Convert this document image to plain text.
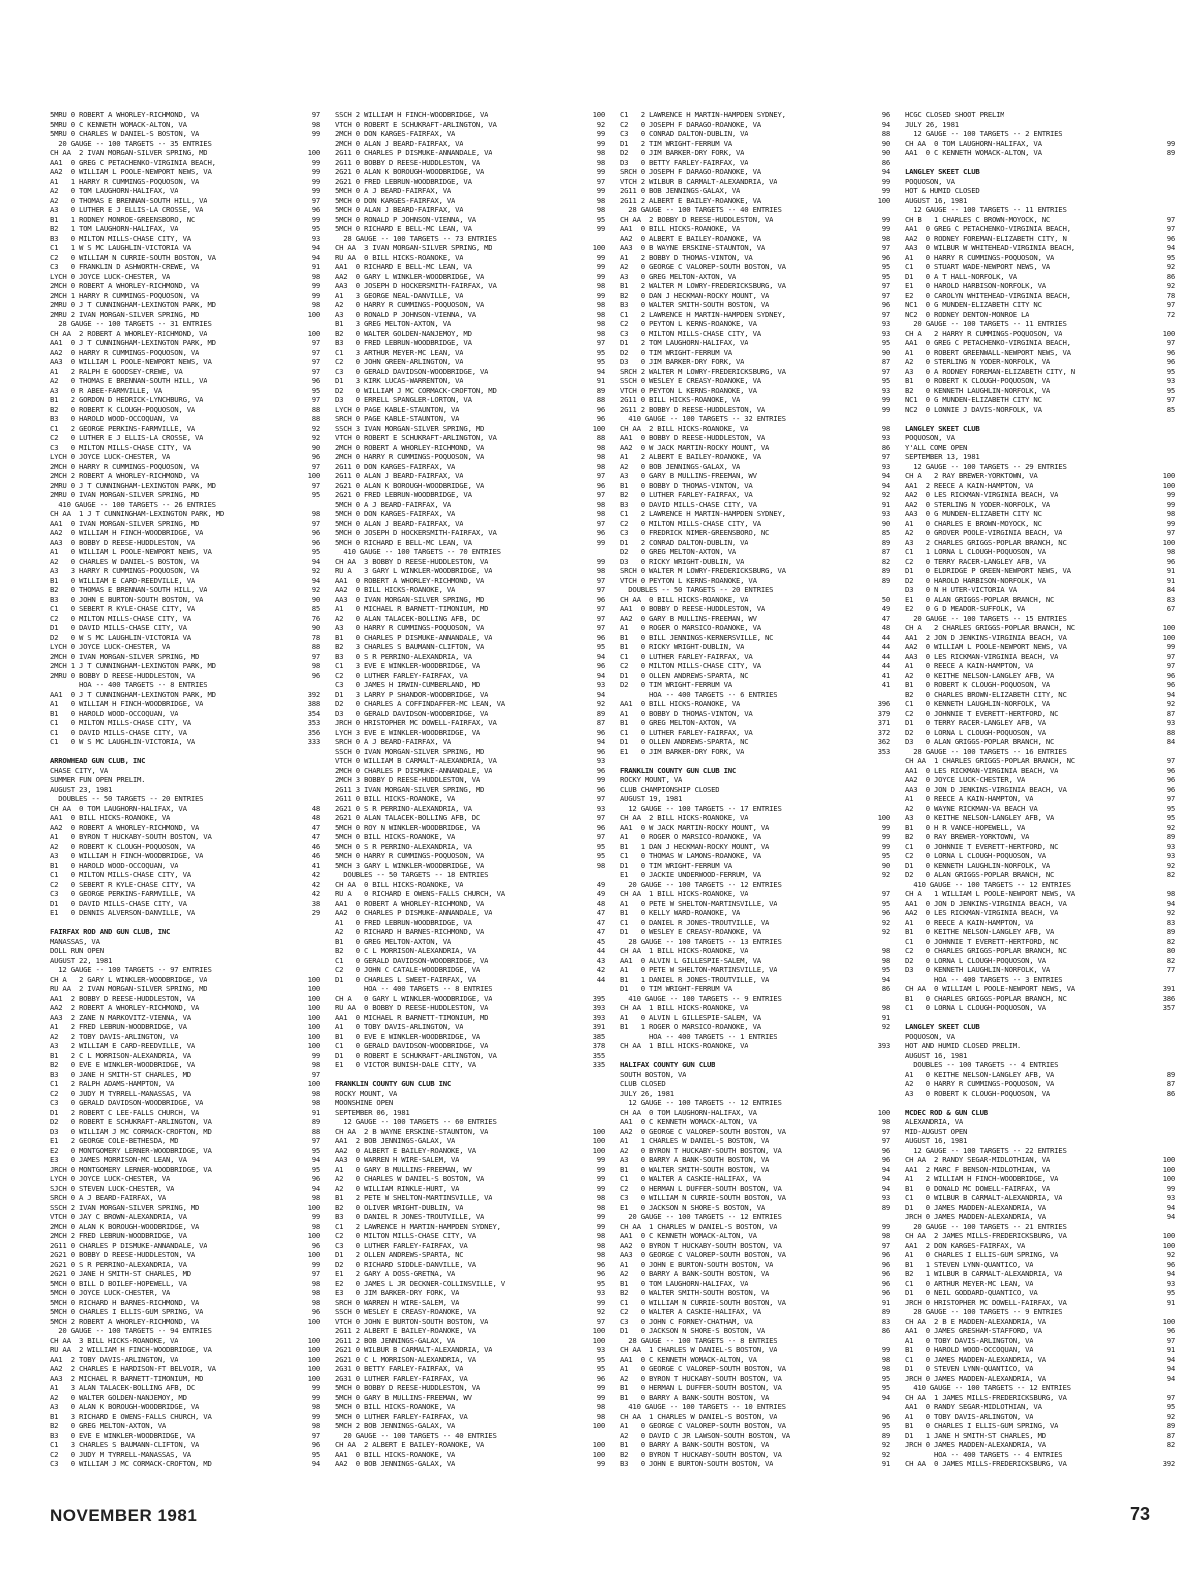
5MRU 0 ROBERT A WHORLEY-RICHMOND, VA	97
5MRU 0 C KENNETH WOMACK-ALTON, VA	98
5MRU 0 CHARLES W DANIEL-S BOSTON, VA	99
20 GAUGE -- 100 TARGETS -- 35 ENTRIES
CH AA  2 IVAN MORGAN-SILVER SPRING, MD	100
AA1  0 GREG C PETACHENKO-VIRGINIA BEACH,	99
AA2  0 WILLIAM L POOLE-NEWPORT NEWS, VA	99
A1   1 HARRY R CUMMINGS-POQUOSON, VA	99
A2   0 TOM LAUGHORN-HALIFAX, VA	99
A2   0 THOMAS E BRENNAN-SOUTH HILL, VA	97
A3   0 LUTHER E J ELLIS-LA CROSSE, VA	96
B1   1 RODNEY MONROE-GREENSBORO, NC	99
B2   1 TOM LAUGHORN-HALIFAX, VA	95
B3   0 MILTON MILLS-CHASE CITY, VA	93
C1   1 W S MC LAUGHLIN-VICTORIA VA	94
C2   0 WILLIAM N CURRIE-SOUTH BOSTON, VA	94
C3   0 FRANKLIN D ASHWORTH-CREWE, VA	91
LYCH 0 JOYCE LUCK-CHESTER, VA	98
2MCH 0 ROBERT A WHORLEY-RICHMOND, VA	99
2MCH 1 HARRY R CUMMINGS-POQUOSON, VA	99
2MRU 0 J T CUNNINGHAM-LEXINGTON PARK, MD	98
2MRU 2 IVAN MORGAN-SILVER SPRING, MD	100
28 GAUGE -- 100 TARGETS -- 31 ENTRIES
CH AA  2 ROBERT A WHORLEY-RICHMOND, VA	100
AA1  0 J T CUNNINGHAM-LEXINGTON PARK, MD	97
AA2  0 HARRY R CUMMINGS-POQUOSON, VA	97
AA3  0 WILLIAM L POOLE-NEWPORT NEWS, VA	97
A1   2 RALPH E GOODSEY-CREWE, VA	97
A2   0 THOMAS E BRENNAN-SOUTH HILL, VA	96
A3   0 R ABEE-FARMVILLE, VA	95
B1   2 GORDON D HEDRICK-LYNCHBURG, VA	97
B2   0 ROBERT K CLOUGH-POQUOSON, VA	88
B3   0 HAROLD WOOD-OCCOQUAN, VA	88
C1   2 GEORGE PERKINS-FARMVILLE, VA	92
C2   0 LUTHER E J ELLIS-LA CROSSE, VA	92
C3   0 MILTON MILLS-CHASE CITY, VA	90
LYCH 0 JOYCE LUCK-CHESTER, VA	96
2MCH 0 HARRY R CUMMINGS-POQUOSON, VA	97
2MCH 2 ROBERT A WHORLEY-RICHMOND, VA	100
2MRU 0 J T CUNNINGHAM-LEXINGTON PARK, MD	97
2MRU 0 IVAN MORGAN-SILVER SPRING, MD	95
410 GAUGE -- 100 TARGETS -- 26 ENTRIES
CH AA  1 J T CUNNINGHAM-LEXINGTON PARK, MD	98
AA1  0 IVAN MORGAN-SILVER SPRING, MD	97
AA2  0 WILLIAM H FINCH-WOODBRIDGE, VA	96
AA3  0 BOBBY D REESE-HUDDLESTON, VA	96
A1   0 WILLIAM L POOLE-NEWPORT NEWS, VA	95
A2   0 CHARLES W DANIEL-S BOSTON, VA	94
A3   3 HARRY R CUMMINGS-POQUOSON, VA	92
B1   0 WILLIAM E CARD-REEDVILLE, VA	94
B2   0 THOMAS E BRENNAN-SOUTH HILL, VA	92
B3   0 JOHN E BURTON-SOUTH BOSTON, VA	90
C1   0 SEBERT R KYLE-CHASE CITY, VA	85
C2   0 MILTON MILLS-CHASE CITY, VA	76
D1   0 DAVID MILLS-CHASE CITY, VA	90
D2   0 W S MC LAUGHLIN-VICTORIA VA	78
LYCH 0 JOYCE LUCK-CHESTER, VA	88
2MCH 0 IVAN MORGAN-SILVER SPRING, MD	97
2MCH 1 J T CUNNINGHAM-LEXINGTON PARK, MD	98
2MRU 0 BOBBY D REESE-HUDDLESTON, VA	96
HOA -- 400 TARGETS -- 8 ENTRIES
AA1  0 J T CUNNINGHAM-LEXINGTON PARK, MD	392
A1   0 WILLIAM H FINCH-WOODBRIDGE, VA	388
B1   0 HAROLD WOOD-OCCOQUAN, VA	354
C1   0 MILTON MILLS-CHASE CITY, VA	353
C1   0 DAVID MILLS-CHASE CITY, VA	356
C1   0 W S MC LAUGHLIN-VICTORIA, VA	333
ARROWHEAD GUN CLUB, INC
CHASE CITY, VA
SUMMER FUN OPEN PRELIM.
AUGUST 23, 1981
DOUBLES -- 50 TARGETS -- 20 ENTRIES
CH AA  0 TOM LAUGHORN-HALIFAX, VA	48
AA1  0 BILL HICKS-ROANOKE, VA	48
AA2  0 ROBERT A WHORLEY-RICHMOND, VA	47
A1   0 BYRON T HUCKABY-SOUTH BOSTON, VA	47
A2   0 ROBERT K CLOUGH-POQUOSON, VA	46
A3   0 WILLIAM H FINCH-WOODBRIDGE, VA	46
B1   0 HAROLD WOOD-OCCOQUAN, VA	41
C1   0 MILTON MILLS-CHASE CITY, VA	42
C2   0 SEBERT R KYLE-CHASE CITY, VA	42
C3   0 GEORGE PERKINS-FARMVILLE, VA	42
D1   0 DAVID MILLS-CHASE CITY, VA	38
E1   0 DENNIS ALVERSON-DANVILLE, VA	29
FAIRFAX ROD AND GUN CLUB, INC
MANASSAS, VA
DOLL RUN OPEN
AUGUST 22, 1981
12 GAUGE -- 100 TARGETS -- 97 ENTRIES
CH A   2 GARY L WINKLER-WOODBRIDGE, VA	100
RU AA  2 IVAN MORGAN-SILVER SPRING, MD	100
AA1  2 BOBBY D REESE-HUDDLESTON, VA	100
AA2  2 ROBERT A WHORLEY-RICHMOND, VA	100
AA3  2 ZANE N MARKOVITZ-VIENNA, VA	100
A1   2 FRED LEBRUN-WOODBRIDGE, VA	100
A2   2 TOBY DAVIS-ARLINGTON, VA	100
A3   2 WILLIAM E CARD-REEDVILLE, VA	100
B1   2 C L MORRISON-ALEXANDRIA, VA	99
B2   0 EVE E WINKLER-WOODBRIDGE, VA	98
B3   0 JANE H SMITH-ST CHARLES, MD	97
C1   2 RALPH ADAMS-HAMPTON, VA	100
C2   0 JUDY M TYRRELL-MANASSAS, VA	98
C3   0 GERALD DAVIDSON-WOODBRIDGE, VA	98
D1   2 ROBERT C LEE-FALLS CHURCH, VA	91
D2   0 ROBERT E SCHUKRAFT-ARLINGTON, VA	89
D3   0 WILLIAM J MC CORMACK-CROFTON, MD	88
E1   2 GEORGE COLE-BETHESDA, MD	97
E2   0 MONTGOMERY LERNER-WOODBRIDGE, VA	95
E3   0 JAMES MORRISON-MC LEAN, VA	94
JRCH 0 MONTGOMERY LERNER-WOODBRIDGE, VA	95
LYCH 0 JOYCE LUCK-CHESTER, VA	96
SJCH 0 STEVEN LUCK-CHESTER, VA	94
SRCH 0 A J BEARD-FAIRFAX, VA	98
SSCH 2 IVAN MORGAN-SILVER SPRING, MD	100
VTCH 0 JAY C BROWN-ALEXANDRIA, VA	99
2MCH 0 ALAN K BOROUGH-WOODBRIDGE, VA	98
2MCH 2 FRED LEBRUN-WOODBRIDGE, VA	100
2G11 0 CHARLES P DISMUKE-ANNANDALE, VA	96
2G21 0 BOBBY D REESE-HUDDLESTON, VA	100
2G21 0 S R PERRINO-ALEXANDRIA, VA	99
2G21 0 JANE H SMITH-ST CHARLES, MD	97
5MCH 0 BILL D BOILEF-HOPEWELL, VA	98
5MCH 0 JOYCE LUCK-CHESTER, VA	98
5MCH 0 RICHARD H BARNES-RICHMOND, VA	98
5MCH 0 CHARLES I ELLIS-GUM SPRING, VA	96
5MCH 2 ROBERT A WHORLEY-RICHMOND, VA	100
20 GAUGE -- 100 TARGETS -- 94 ENTRIES
CH AA  3 BILL HICKS-ROANOKE, VA	100
RU AA  2 WILLIAM H FINCH-WOODBRIDGE, VA	100
AA1  2 TOBY DAVIS-ARLINGTON, VA	100
AA2  2 CHARLES E HARDISON-FT BELVOIR, VA	100
AA3  2 MICHAEL R BARNETT-TIMONIUM, MD	100
A1   3 ALAN TALACEK-BOLLING AFB, DC	99
A2   0 WALTER GOLDEN-NANJEMOY, MD	99
A3   0 ALAN K BOROUGH-WOODBRIDGE, VA	98
B1   3 RICHARD E OWENS-FALLS CHURCH, VA	99
B2   0 GREG MELTON-AXTON, VA	98
B3   0 EVE E WINKLER-WOODBRIDGE, VA	97
C1   3 CHARLES S BAUMANN-CLIFTON, VA	96
C2   0 JUDY M TYRRELL-MANASSAS, VA	95
C3   0 WILLIAM J MC CORMACK-CROFTON, MD	94
SSCH 2 WILLIAM H FINCH-WOODBRIDGE, VA	100
VTCH 0 ROBERT E SCHUKRAFT-ARLINGTON, VA	92
2MCH 0 DON KARGES-FAIRFAX, VA	99
2MCH 0 ALAN J BEARD-FAIRFAX, VA	99
2G11 0 CHARLES P DISMUKE-ANNANDALE, VA	98
2G11 0 BOBBY D REESE-HUDDLESTON, VA	98
2G21 0 ALAN K BOROUGH-WOODBRIDGE, VA	99
2G21 0 FRED LEBRUN-WOODBRIDGE, VA	97
5MCH 0 A J BEARD-FAIRFAX, VA	99
5MCH 0 DON KARGES-FAIRFAX, VA	98
5MCH 0 ALAN J BEARD-FAIRFAX, VA	98
5MCH 0 RONALD P JOHNSON-VIENNA, VA	95
5MCH 0 RICHARD E BELL-MC LEAN, VA	99
28 GAUGE -- 100 TARGETS -- 73 ENTRIES
CH AA  3 IVAN MORGAN-SILVER SPRING, MD	100
RU AA  0 BILL HICKS-ROANOKE, VA	99
AA1  0 RICHARD E BELL-MC LEAN, VA	99
AA2  0 GARY L WINKLER-WOODBRIDGE, VA	99
AA3  0 JOSEPH D HOCKERSMITH-FAIRFAX, VA	98
A1   3 GEORGE NEAL-DANVILLE, VA	99
A2   0 HARRY R CUMMINGS-POQUOSON, VA	98
A3   0 RONALD P JOHNSON-VIENNA, VA	98
B1   3 GREG MELTON-AXTON, VA	98
B2   0 WALTER GOLDEN-NANJEMOY, MD	98
B3   0 FRED LEBRUN-WOODBRIDGE, VA	97
C1   3 ARTHUR MEYER-MC LEAN, VA	95
C2   0 JOHN GREEN-ARLINGTON, VA	95
C3   0 GERALD DAVIDSON-WOODBRIDGE, VA	94
D1   3 KIRK LUCAS-WARRENTON, VA	91
D2   0 WILLIAM J MC CORMACK-CROFTON, MD	89
D3   0 ERRELL SPANGLER-LORTON, VA	88
LYCH 0 PAGE KABLE-STAUNTON, VA	96
SRCH 0 PAGE KABLE-STAUNTON, VA	96
SSCH 3 IVAN MORGAN-SILVER SPRING, MD	100
VTCH 0 ROBERT E SCHUKRAFT-ARLINGTON, VA	88
2MCH 0 ROBERT A WHORLEY-RICHMOND, VA	98
2MCH 0 HARRY R CUMMINGS-POQUOSON, VA	98
2G11 0 DON KARGES-FAIRFAX, VA	98
2G11 0 ALAN J BEARD-FAIRFAX, VA	97
2G21 0 ALAN K BOROUGH-WOODBRIDGE, VA	96
2G21 0 FRED LEBRUN-WOODBRIDGE, VA	97
5MCH 0 A J BEARD-FAIRFAX, VA	98
5MCH 0 DON KARGES-FAIRFAX, VA	98
5MCH 0 ALAN J BEARD-FAIRFAX, VA	97
5MCH 0 JOSEPH D HOCKERSMITH-FAIRFAX, VA	96
5MCH 0 RICHARD E BELL-MC LEAN, VA	99
410 GAUGE -- 100 TARGETS -- 70 ENTRIES
CH AA  3 BOBBY D REESE-HUDDLESTON, VA	99
RU A   3 GARY L WINKLER-WOODBRIDGE, VA	98
AA1  0 ROBERT A WHORLEY-RICHMOND, VA	97
AA2  0 BILL HICKS-ROANOKE, VA	97
AA3  0 IVAN MORGAN-SILVER SPRING, MD	96
A1   0 MICHAEL R BARNETT-TIMONIUM, MD	97
A2   0 ALAN TALACEK-BOLLING AFB, DC	97
A3   0 HARRY R CUMMINGS-POQUOSON, VA	97
B1   0 CHARLES P DISMUKE-ANNANDALE, VA	96
B2   3 CHARLES S BAUMANN-CLIFTON, VA	95
B3   0 S R PERRINO-ALEXANDRIA, VA	94
C1   3 EVE E WINKLER-WOODBRIDGE, VA	96
C2   0 LUTHER FARLEY-FAIRFAX, VA	94
C3   0 JAMES H IRWIN-CUMBERLAND, MD	93
D1   3 LARRY P SHANDOR-WOODBRIDGE, VA	94
D2   0 CHARLES A COFFINDAFFER-MC LEAN, VA	92
D3   0 GERALD DAVIDSON-WOODBRIDGE, VA	89
JRCH 0 HRISTOPHER MC DOWELL-FAIRFAX, VA	87
LYCH 3 EVE E WINKLER-WOODBRIDGE, VA	96
SRCH 0 A J BEARD-FAIRFAX, VA	94
SSCH 0 IVAN MORGAN-SILVER SPRING, MD	96
VTCH 0 WILLIAM B CARMALT-ALEXANDRIA, VA	93
2MCH 0 CHARLES P DISMUKE-ANNANDALE, VA	96
2MCH 3 BOBBY D REESE-HUDDLESTON, VA	99
2G11 3 IVAN MORGAN-SILVER SPRING, MD	96
2G11 0 BILL HICKS-ROANOKE, VA	97
2G21 0 S R PERRINO-ALEXANDRIA, VA	93
2G21 0 ALAN TALACEK-BOLLING AFB, DC	97
5MCH 0 ROY N WINKLER-WOODBRIDGE, VA	96
5MCH 0 BILL HICKS-ROANOKE, VA	97
5MCH 0 S R PERRINO-ALEXANDRIA, VA	95
5MCH 0 HARRY R CUMMINGS-POQUOSON, VA	95
5MCH 3 GARY L WINKLER-WOODBRIDGE, VA	98
DOUBLES -- 50 TARGETS -- 18 ENTRIES
CH AA  0 BILL HICKS-ROANOKE, VA	49
RU A   0 RICHARD E OWENS-FALLS CHURCH, VA	49
AA1  0 ROBERT A WHORLEY-RICHMOND, VA	48
AA2  0 CHARLES P DISMUKE-ANNANDALE, VA	47
A1   0 FRED LEBRUN-WOODBRIDGE, VA	47
A2   0 RICHARD H BARNES-RICHMOND, VA	47
B1   0 GREG MELTON-AXTON, VA	45
B2   0 C L MORRISON-ALEXANDRIA, VA	44
C1   0 GERALD DAVIDSON-WOODBRIDGE, VA	43
C2   0 JOHN C CATALE-WOODBRIDGE, VA	42
D1   0 CHARLES L SWEET-FAIRFAX, VA	44
HOA -- 400 TARGETS -- 8 ENTRIES
CH A   0 GARY L WINKLER-WOODBRIDGE, VA	395
RU AA  0 BOBBY D REESE-HUDDLESTON, VA	393
AA1  0 MICHAEL R BARNETT-TIMONIUM, MD	393
A1   0 TOBY DAVIS-ARLINGTON, VA	391
B1   0 EVE E WINKLER-WOODBRIDGE, VA	385
C1   0 GERALD DAVIDSON-WOODBRIDGE, VA	378
D1   0 ROBERT E SCHUKRAFT-ARLINGTON, VA	355
E1   0 VICTOR BUNISH-DALE CITY, VA	335
FRANKLIN COUNTY GUN CLUB INC
ROCKY MOUNT, VA
MOONSHINE OPEN
SEPTEMBER 06, 1981
12 GAUGE -- 100 TARGETS -- 60 ENTRIES
CH AA  2 B WAYNE ERSKINE-STAUNTON, VA	100
AA1  2 BOB JENNINGS-GALAX, VA	100
AA2  0 ALBERT E BAILEY-ROANOKE, VA	100
AA3  0 WARREN H WIRE-SALEM, VA	99
A1   0 GARY B MULLINS-FREEMAN, WV	99
A2   0 CHARLES W DANIEL-S BOSTON, VA	99
A2   0 WILLIAM RINKLE-HURT, VA	99
B1   2 PETE W SHELTON-MARTINSVILLE, VA	98
B2   0 OLIVER WRIGHT-DUBLIN, VA	98
B3   0 DANIEL R JONES-TROUTVILLE, VA	99
C1   2 LAWRENCE H MARTIN-HAMPDEN SYDNEY,	99
C2   0 MILTON MILLS-CHASE CITY, VA	98
C3   0 LUTHER FARLEY-FAIRFAX, VA	98
D1   2 OLLEN ANDREWS-SPARTA, NC	98
D2   0 RICHARD SIDDLE-DANVILLE, VA	96
E1   2 GARY A DOSS-GRETNA, VA	96
E2   0 JAMES L JR DECKNER-COLLINSVILLE, V	95
E3   0 JIM BARKER-DRY FORK, VA	93
SRCH 0 WARREN H WIRE-SALEM, VA	99
SSCH 0 WESLEY E CREASY-ROANOKE, VA	92
VTCH 0 JOHN E BURTON-SOUTH BOSTON, VA	97
2G11 2 ALBERT E BAILEY-ROANOKE, VA	100
2G11 2 BOB JENNINGS-GALAX, VA	100
2G21 0 WILBUR B CARMALT-ALEXANDRIA, VA	93
2G21 0 C L MORRISON-ALEXANDRIA, VA	95
2G31 0 BETTY FARLEY-FAIRFAX, VA	95
2G31 0 LUTHER FARLEY-FAIRFAX, VA	96
5MCH 0 BOBBY D REESE-HUDDLESTON, VA	99
5MCH 0 GARY B MULLINS-FREEMAN, WV	99
5MCH 0 BILL HICKS-ROANOKE, VA	98
5MCH 0 LUTHER FARLEY-FAIRFAX, VA	98
5MCH 2 BOB JENNINGS-GALAX, VA	100
20 GAUGE -- 100 TARGETS -- 40 ENTRIES
CH AA  2 ALBERT E BAILEY-ROANOKE, VA	100
AA1  0 BILL HICKS-ROANOKE, VA	100
AA2  0 BOB JENNINGS-GALAX, VA	99
C1   2 LAWRENCE H MARTIN-HAMPDEN SYDNEY,	96
C2   0 JOSEPH F DARAGO-ROANOKE, VA	94
C3   0 CONRAD DALTON-DUBLIN, VA	88
D1   2 TIM WRIGHT-FERRUM VA	90
D2   0 JIM BARKER-DRY FORK, VA	90
D3   0 BETTY FARLEY-FAIRFAX, VA	86
SRCH 0 JOSEPH F DARAGO-ROANOKE, VA	94
VTCH 2 WILBUR B CARMALT-ALEXANDRIA, VA	99
2G11 0 BOB JENNINGS-GALAX, VA	99
2G11 2 ALBERT E BAILEY-ROANOKE, VA	100
28 GAUGE -- 100 TARGETS -- 40 ENTRIES
CH AA  2 BOBBY D REESE-HUDDLESTON, VA	99
AA1  0 BILL HICKS-ROANOKE, VA	99
AA2  0 ALBERT E BAILEY-ROANOKE, VA	98
AA3  0 B WAYNE ERSKINE-STAUNTON, VA	97
A1   2 BOBBY D THOMAS-VINTON, VA	96
A2   0 GEORGE C VALOREP-SOUTH BOSTON, VA	95
A3   0 GREG MELTON-AXTON, VA	95
B1   2 WALTER M LOWRY-FREDERICKSBURG, VA	97
B2   0 DAN J HECKMAN-ROCKY MOUNT, VA	97
B3   0 WALTER SMITH-SOUTH BOSTON, VA	96
C1   2 LAWRENCE H MARTIN-HAMPDEN SYDNEY,	97
C2   0 PEYTON L KERNS-ROANOKE, VA	93
C3   0 MILTON MILLS-CHASE CITY, VA	93
D1   2 TOM LAUGHORN-HALIFAX, VA	95
D2   0 TIM WRIGHT-FERRUM VA	90
D3   0 JIM BARKER-DRY FORK, VA	87
SRCH 2 WALTER M LOWRY-FREDERICKSBURG, VA	97
SSCH 0 WESLEY E CREASY-ROANOKE, VA	95
VTCH 0 PEYTON L KERNS-ROANOKE, VA	93
2G11 0 BILL HICKS-ROANOKE, VA	99
2G11 2 BOBBY D REESE-HUDDLESTON, VA	99
410 GAUGE -- 100 TARGETS -- 32 ENTRIES
CH AA  2 BILL HICKS-ROANOKE, VA	98
AA1  0 BOBBY D REESE-HUDDLESTON, VA	93
AA2  0 W JACK MARTIN-ROCKY MOUNT, VA	86
A1   2 ALBERT E BAILEY-ROANOKE, VA	97
A2   0 BOB JENNINGS-GALAX, VA	93
A3   0 GARY B MULLINS-FREEMAN, WV	94
B1   0 BOBBY D THOMAS-VINTON, VA	94
B2   0 LUTHER FARLEY-FAIRFAX, VA	92
B3   0 DAVID MILLS-CHASE CITY, VA	91
C1   2 LAWRENCE H MARTIN-HAMPDEN SYDNEY,	93
C2   0 MILTON MILLS-CHASE CITY, VA	90
C3   0 FREDRICK NIMER-GREENSBORO, NC	85
D1   2 CONRAD DALTON-DUBLIN, VA	89
D2   0 GREG MELTON-AXTON, VA	87
D3   0 RICKY WRIGHT-DUBLIN, VA	82
SRCH 0 WALTER M LOWRY-FREDERICKSBURG, VA	89
VTCH 0 PEYTON L KERNS-ROANOKE, VA	89
DOUBLES -- 50 TARGETS -- 20 ENTRIES
CH AA  0 BILL HICKS-ROANOKE, VA	50
AA1  0 BOBBY D REESE-HUDDLESTON, VA	49
AA2  0 GARY B MULLINS-FREEMAN, WV	47
A1   0 ROGER O MARSICO-ROANOKE, VA	48
B1   0 BILL JENNINGS-KERNERSVILLE, NC	44
B1   0 RICKY WRIGHT-DUBLIN, VA	44
C1   0 LUTHER FARLEY-FAIRFAX, VA	44
C2   0 MILTON MILLS-CHASE CITY, VA	44
D1   0 OLLEN ANDREWS-SPARTA, NC	41
D2   0 TIM WRIGHT-FERRUM VA	41
HOA -- 400 TARGETS -- 6 ENTRIES
AA1  0 BILL HICKS-ROANOKE, VA	396
A1   0 BOBBY D THOMAS-VINTON, VA	379
B1   0 GREG MELTON-AXTON, VA	371
C1   0 LUTHER FARLEY-FAIRFAX, VA	372
D1   0 OLLEN ANDREWS-SPARTA, NC	362
E1   0 JIM BARKER-DRY FORK, VA	353
FRANKLIN COUNTY GUN CLUB INC
ROCKY MOUNT, VA
CLUB CHAMPIONSHIP CLOSED
AUGUST 19, 1981
12 GAUGE -- 100 TARGETS -- 17 ENTRIES
CH AA  2 BILL HICKS-ROANOKE, VA	100
AA1  0 W JACK MARTIN-ROCKY MOUNT, VA	99
A1   0 ROGER O MARSICO-ROANOKE, VA	99
B1   1 DAN J HECKMAN-ROCKY MOUNT, VA	99
C1   0 THOMAS W LAMONS-ROANOKE, VA	95
D1   0 TIM WRIGHT-FERRUM VA	90
E1   0 JACKIE UNDERWOOD-FERRUM, VA	92
20 GAUGE -- 100 TARGETS -- 12 ENTRIES
CH AA  1 BILL HICKS-ROANOKE, VA	97
A1   0 PETE W SHELTON-MARTINSVILLE, VA	95
B1   0 KELLY WARD-ROANOKE, VA	96
C1   0 DANIEL R JONES-TROUTVILLE, VA	92
D1   0 WESLEY E CREASY-ROANOKE, VA	92
28 GAUGE -- 100 TARGETS -- 13 ENTRIES
CH AA  1 BILL HICKS-ROANOKE, VA	98
AA1  0 ALVIN L GILLESPIE-SALEM, VA	98
A1   0 PETE W SHELTON-MARTINSVILLE, VA	95
B1   1 DANIEL R JONES-TROUTVILLE, VA	94
D1   0 TIM WRIGHT-FERRUM VA	86
410 GAUGE -- 100 TARGETS -- 9 ENTRIES
CH AA  1 BILL HICKS-ROANOKE, VA	98
A1   0 ALVIN L GILLESPIE-SALEM, VA	91
B1   1 ROGER O MARSICO-ROANOKE, VA	92
HOA -- 400 TARGETS -- 1 ENTRIES
CH AA  1 BILL HICKS-ROANOKE, VA	393
HALIFAX COUNTY GUN CLUB
SOUTH BOSTON, VA
CLUB CLOSED
JULY 26, 1981
12 GAUGE -- 100 TARGETS -- 12 ENTRIES
CH AA  0 TOM LAUGHORN-HALIFAX, VA	100
AA1  0 C KENNETH WOMACK-ALTON, VA	98
AA2  0 GEORGE C VALOREP-SOUTH BOSTON, VA	97
A1   1 CHARLES W DANIEL-S BOSTON, VA	97
A2   0 BYRON T HUCKABY-SOUTH BOSTON, VA	96
A3   0 BARRY A BANK-SOUTH BOSTON, VA	96
B1   0 WALTER SMITH-SOUTH BOSTON, VA	94
C1   0 WALTER A CASKIE-HALIFAX, VA	94
C2   0 HERMAN L DUFFER-SOUTH BOSTON, VA	94
C3   0 WILLIAM N CURRIE-SOUTH BOSTON, VA	93
E1   0 JACKSON N SHORE-S BOSTON, VA	89
20 GAUGE -- 100 TARGETS -- 12 ENTRIES
CH AA  1 CHARLES W DANIEL-S BOSTON, VA	99
AA1  0 C KENNETH WOMACK-ALTON, VA	98
AA2  0 BYRON T HUCKABY-SOUTH BOSTON, VA	97
AA3  0 GEORGE C VALOREP-SOUTH BOSTON, VA	96
A1   0 JOHN E BURTON-SOUTH BOSTON, VA	96
A2   0 BARRY A BANK-SOUTH BOSTON, VA	96
B1   0 TOM LAUGHORN-HALIFAX, VA	96
B2   0 WALTER SMITH-SOUTH BOSTON, VA	96
C1   0 WILLIAM N CURRIE-SOUTH BOSTON, VA	91
C2   0 WALTER A CASKIE-HALIFAX, VA	89
C3   0 JOHN C FORNEY-CHATHAM, VA	83
D1   0 JACKSON N SHORE-S BOSTON, VA	86
28 GAUGE -- 100 TARGETS -- 8 ENTRIES
CH AA  1 CHARLES W DANIEL-S BOSTON, VA	99
AA1  0 C KENNETH WOMACK-ALTON, VA	98
A1   0 GEORGE C VALOREP-SOUTH BOSTON, VA	98
A2   0 BYRON T HUCKABY-SOUTH BOSTON, VA	95
B1   0 HERMAN L DUFFER-SOUTH BOSTON, VA	95
B1   0 BARRY A BANK-SOUTH BOSTON, VA	94
410 GAUGE -- 100 TARGETS -- 10 ENTRIES
CH AA  1 CHARLES W DANIEL-S BOSTON, VA	96
A1   0 GEORGE C VALOREP-SOUTH BOSTON, VA	95
A2   0 DAVID C JR LAWSON-SOUTH BOSTON, VA	89
B1   0 BARRY A BANK-SOUTH BOSTON, VA	92
B2   0 BYRON T HUCKABY-SOUTH BOSTON, VA	92
B3   0 JOHN E BURTON-SOUTH BOSTON, VA	91
HCGC CLOSED SHOOT PRELIM
JULY 26, 1981
12 GAUGE -- 100 TARGETS -- 2 ENTRIES
CH AA  0 TOM LAUGHORN-HALIFAX, VA	99
AA1  0 C KENNETH WOMACK-ALTON, VA	89
LANGLEY SKEET CLUB
POQUOSON, VA
HOT & HUMID CLOSED
AUGUST 16, 1981
12 GAUGE -- 100 TARGETS -- 11 ENTRIES
CH B   1 CHARLES C BROWN-MOYOCK, NC	97
AA1  0 GREG C PETACHENKO-VIRGINIA BEACH,	97
AA2  0 RODNEY FOREMAN-ELIZABETH CITY, N	96
AA3  0 WILBUR W WHITEHEAD-VIRGINIA BEACH,	94
A1   0 HARRY R CUMMINGS-POQUOSON, VA	95
C1   0 STUART WADE-NEWPORT NEWS, VA	92
D1   0 A T HALL-NORFOLK, VA	86
E1   0 HAROLD HARBISON-NORFOLK, VA	92
E2   0 CAROLYN WHITEHEAD-VIRGINIA BEACH,	78
NC1  0 G MUNDEN-ELIZABETH CITY NC	97
NC2  0 RODNEY DENTON-MONROE LA	72
20 GAUGE -- 100 TARGETS -- 11 ENTRIES
CH A   2 HARRY R CUMMINGS-POQUOSON, VA	100
AA1  0 GREG C PETACHENKO-VIRGINIA BEACH,	97
A1   0 ROBERT GREENWALL-NEWPORT NEWS, VA	96
A2   0 STERLING N YODER-NORFOLK, VA	96
A3   0 A RODNEY FOREMAN-ELIZABETH CITY, N	95
B1   0 ROBERT K CLOUGH-POQUOSON, VA	93
B2   0 KENNETH LAUGHLIN-NORFOLK, VA	95
NC1  0 G MUNDEN-ELIZABETH CITY NC	97
NC2  0 LONNIE J DAVIS-NORFOLK, VA	85
LANGLEY SKEET CLUB
POQUOSON, VA
Y'ALL COME OPEN
SEPTEMBER 13, 1981
12 GAUGE -- 100 TARGETS -- 29 ENTRIES
CH A   2 RAY BREWER-YORKTOWN, VA	100
AA1  2 REECE A KAIN-HAMPTON, VA	100
AA2  0 LES RICKMAN-VIRGINIA BEACH, VA	99
AA2  0 STERLING N YODER-NORFOLK, VA	99
AA3  0 G MUNDEN-ELIZABETH CITY NC	98
A1   0 CHARLES E BROWN-MOYOCK, NC	99
A2   0 GROVER POOLE-VIRGINIA BEACH, VA	97
A3   2 CHARLES GRIGGS-POPLAR BRANCH, NC	100
C1   1 LORNA L CLOUGH-POQUOSON, VA	98
C2   0 TERRY RACER-LANGLEY AFB, VA	96
D1   0 ELDRIDGE P GREEN-NEWPORT NEWS, VA	91
D2   0 HAROLD HARBISON-NORFOLK, VA	91
D3   0 N H UTER-VICTORIA VA	84
E1   0 ALAN GRIGGS-POPLAR BRANCH, NC	83
E2   0 G D MEADOR-SUFFOLK, VA	67
20 GAUGE -- 100 TARGETS -- 15 ENTRIES
CH A   2 CHARLES GRIGGS-POPLAR BRANCH, NC	100
AA1  2 JON D JENKINS-VIRGINIA BEACH, VA	100
AA2  0 WILLIAM L POOLE-NEWPORT NEWS, VA	99
AA3  0 LES RICKMAN-VIRGINIA BEACH, VA	97
A1   0 REECE A KAIN-HAMPTON, VA	97
A2   0 KEITHE NELSON-LANGLEY AFB, VA	96
B1   0 ROBERT K CLOUGH-POQUOSON, VA	96
B2   0 CHARLES BROWN-ELIZABETH CITY, NC	94
C1   0 KENNETH LAUGHLIN-NORFOLK, VA	92
C2   0 JOHNNIE T EVERETT-HERTFORD, NC	87
D1   0 TERRY RACER-LANGLEY AFB, VA	93
D2   0 LORNA L CLOUGH-POQUOSON, VA	88
D3   0 ALAN GRIGGS-POPLAR BRANCH, NC	84
28 GAUGE -- 100 TARGETS -- 16 ENTRIES
CH AA  1 CHARLES GRIGGS-POPLAR BRANCH, NC	97
AA1  0 LES RICKMAN-VIRGINIA BEACH, VA	96
AA2  0 JOYCE LUCK-CHESTER, VA	96
AA3  0 JON D JENKINS-VIRGINIA BEACH, VA	96
A1   0 REECE A KAIN-HAMPTON, VA	97
A2   0 WAYNE RICKMAN-VA BEACH VA	95
A3   0 KEITHE NELSON-LANGLEY AFB, VA	95
B1   0 H R VANCE-HOPEWELL, VA	92
B2   0 RAY BREWER-YORKTOWN, VA	89
C1   0 JOHNNIE T EVERETT-HERTFORD, NC	93
C2   0 LORNA L CLOUGH-POQUOSON, VA	93
D1   0 KENNETH LAUGHLIN-NORFOLK, VA	92
D2   0 ALAN GRIGGS-POPLAR BRANCH, NC	82
410 GAUGE -- 100 TARGETS -- 12 ENTRIES
CH A   1 WILLIAM L POOLE-NEWPORT NEWS, VA	98
AA1  0 JON D JENKINS-VIRGINIA BEACH, VA	94
AA2  0 LES RICKMAN-VIRGINIA BEACH, VA	92
A1   0 REECE A KAIN-HAMPTON, VA	83
B1   0 KEITHE NELSON-LANGLEY AFB, VA	89
C1   0 JOHNNIE T EVERETT-HERTFORD, NC	82
C2   0 CHARLES GRIGGS-POPLAR BRANCH, NC	80
D2   0 LORNA L CLOUGH-POQUOSON, VA	82
D3   0 KENNETH LAUGHLIN-NORFOLK, VA	77
HOA -- 400 TARGETS -- 3 ENTRIES
CH AA  0 WILLIAM L POOLE-NEWPORT NEWS, VA	391
B1   0 CHARLES GRIGGS-POPLAR BRANCH, NC	386
C1   0 LORNA L CLOUGH-POQUOSON, VA	357
LANGLEY SKEET CLUB
POQUOSON, VA
HOT AND HUMID CLOSED PRELIM.
AUGUST 16, 1981
DOUBLES -- 100 TARGETS -- 4 ENTRIES
A1   0 KEITHE NELSON-LANGLEY AFB, VA	89
A2   0 HARRY R CUMMINGS-POQUOSON, VA	87
A3   0 ROBERT K CLOUGH-POQUOSON, VA	86
MCDEC ROD & GUN CLUB
ALEXANDRIA, VA
MID-AUGUST OPEN
AUGUST 16, 1981
12 GAUGE -- 100 TARGETS -- 22 ENTRIES
CH AA  2 RANDY SEGAR-MIDLOTHIAN, VA	100
AA1  2 MARC F BENSON-MIDLOTHIAN, VA	100
A1   2 WILLIAM H FINCH-WOODBRIDGE, VA	100
B1   0 DONALD MC DOWELL-FAIRFAX, VA	99
C1   0 WILBUR B CARMALT-ALEXANDRIA, VA	93
D1   0 JAMES MADDEN-ALEXANDRIA, VA	94
JRCH 0 JAMES MADDEN-ALEXANDRIA, VA	94
20 GAUGE -- 100 TARGETS -- 21 ENTRIES
CH AA  2 JAMES MILLS-FREDERICKSBURG, VA	100
AA1  2 DON KARGES-FAIRFAX, VA	100
A1   0 CHARLES I ELLIS-GUM SPRING, VA	92
B1   1 STEVEN LYNN-QUANTICO, VA	96
B2   1 WILBUR B CARMALT-ALEXANDRIA, VA	94
C1   0 ARTHUR MEYER-MC LEAN, VA	93
D1   0 NEIL GODDARD-QUANTICO, VA	95
JRCH 0 HRISTOPHER MC DOWELL-FAIRFAX, VA	91
28 GAUGE -- 100 TARGETS -- 9 ENTRIES
CH AA  2 B E MADDEN-ALEXANDRIA, VA	100
AA1  0 JAMES GRESHAM-STAFFORD, VA	96
A1   0 TOBY DAVIS-ARLINGTON, VA	97
B1   0 HAROLD WOOD-OCCOQUAN, VA	91
C1   0 JAMES MADDEN-ALEXANDRIA, VA	94
D1   0 STEVEN LYNN-QUANTICO, VA	94
JRCH 0 JAMES MADDEN-ALEXANDRIA, VA	94
410 GAUGE -- 100 TARGETS -- 12 ENTRIES
CH AA  1 JAMES MILLS-FREDERICKSBURG, VA	97
AA1  0 RANDY SEGAR-MIDLOTHIAN, VA	95
A1   0 TOBY DAVIS-ARLINGTON, VA	92
B1   0 CHARLES I ELLIS-GUM SPRING, VA	89
D1   1 JANE H SMITH-ST CHARLES, MD	87
JRCH 0 JAMES MADDEN-ALEXANDRIA, VA	82
HOA -- 400 TARGETS -- 4 ENTRIES
CH AA  0 JAMES MILLS-FREDERICKSBURG, VA	392
NOVEMBER 1981	73
